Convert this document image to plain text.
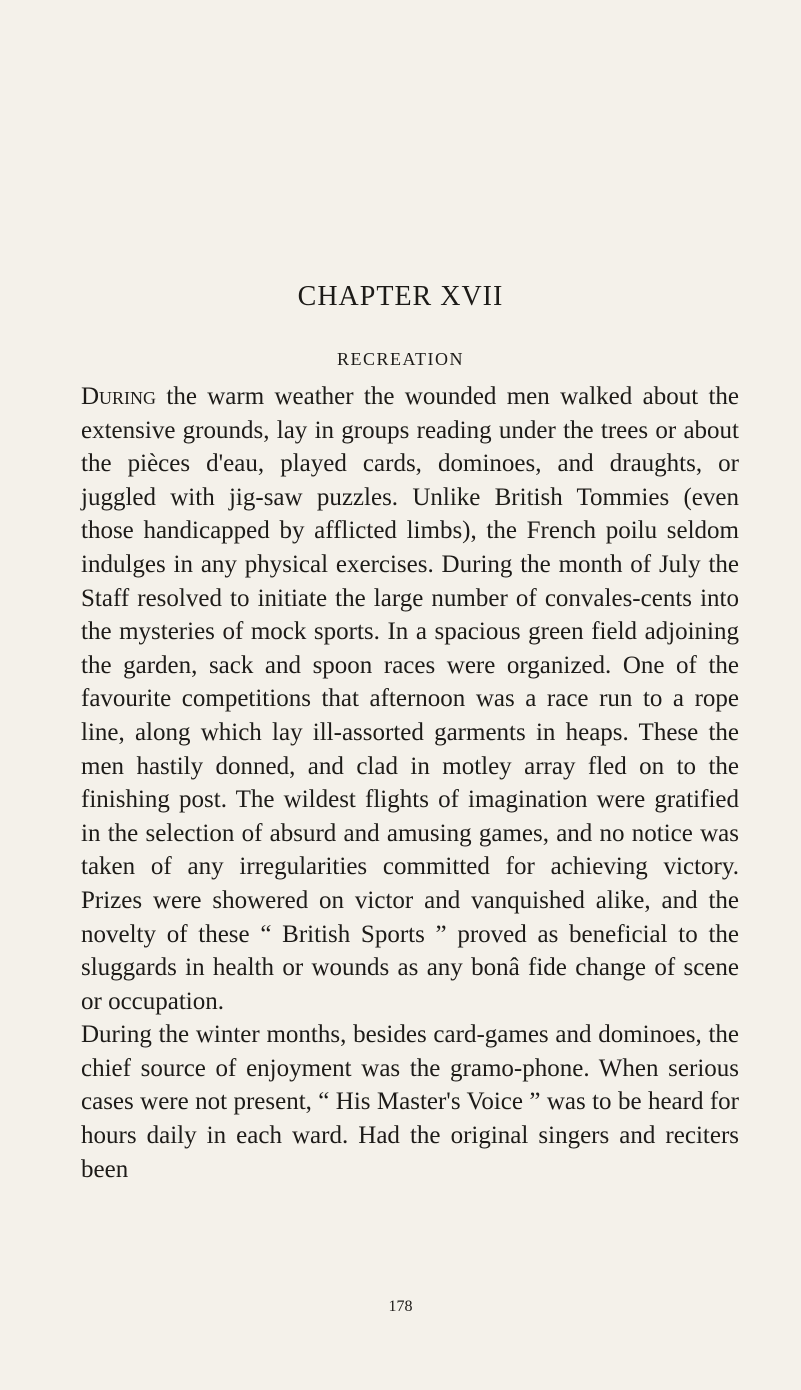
CHAPTER XVII
RECREATION

During the warm weather the wounded men walked about the extensive grounds, lay in groups reading under the trees or about the pièces d'eau, played cards, dominoes, and draughts, or juggled with jig-saw puzzles. Unlike British Tommies (even those handicapped by afflicted limbs), the French poilu seldom indulges in any physical exercises. During the month of July the Staff resolved to initiate the large number of convales-cents into the mysteries of mock sports. In a spacious green field adjoining the garden, sack and spoon races were organized. One of the favourite competitions that afternoon was a race run to a rope line, along which lay ill-assorted garments in heaps. These the men hastily donned, and clad in motley array fled on to the finishing post. The wildest flights of imagination were gratified in the selection of absurd and amusing games, and no notice was taken of any irregularities committed for achieving victory. Prizes were showered on victor and vanquished alike, and the novelty of these “ British Sports ” proved as beneficial to the sluggards in health or wounds as any bonâ fide change of scene or occupation.

During the winter months, besides card-games and dominoes, the chief source of enjoyment was the gramo-phone. When serious cases were not present, “ His Master's Voice ” was to be heard for hours daily in each ward. Had the original singers and reciters been

178
